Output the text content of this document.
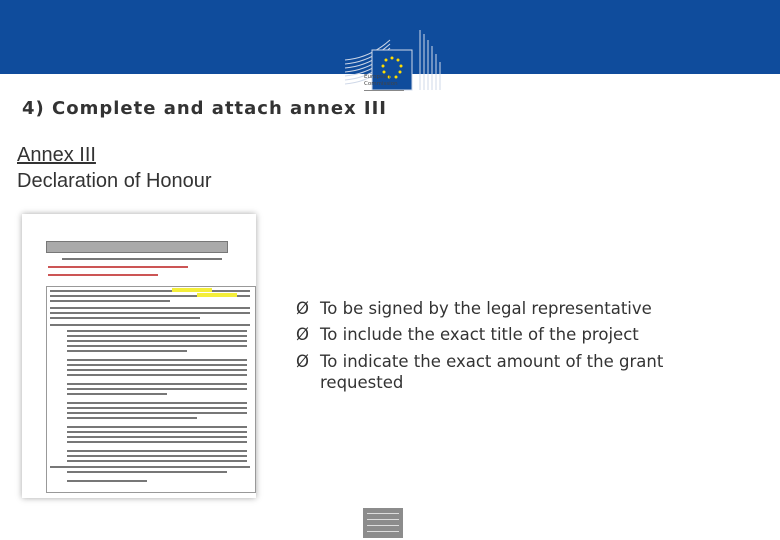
European
Commission
4) Complete and attach annex III
Annex III
Declaration of Honour
Ø To be signed by the legal representative
Ø To include the exact title of the project
Ø To indicate the exact amount of the grant requested
